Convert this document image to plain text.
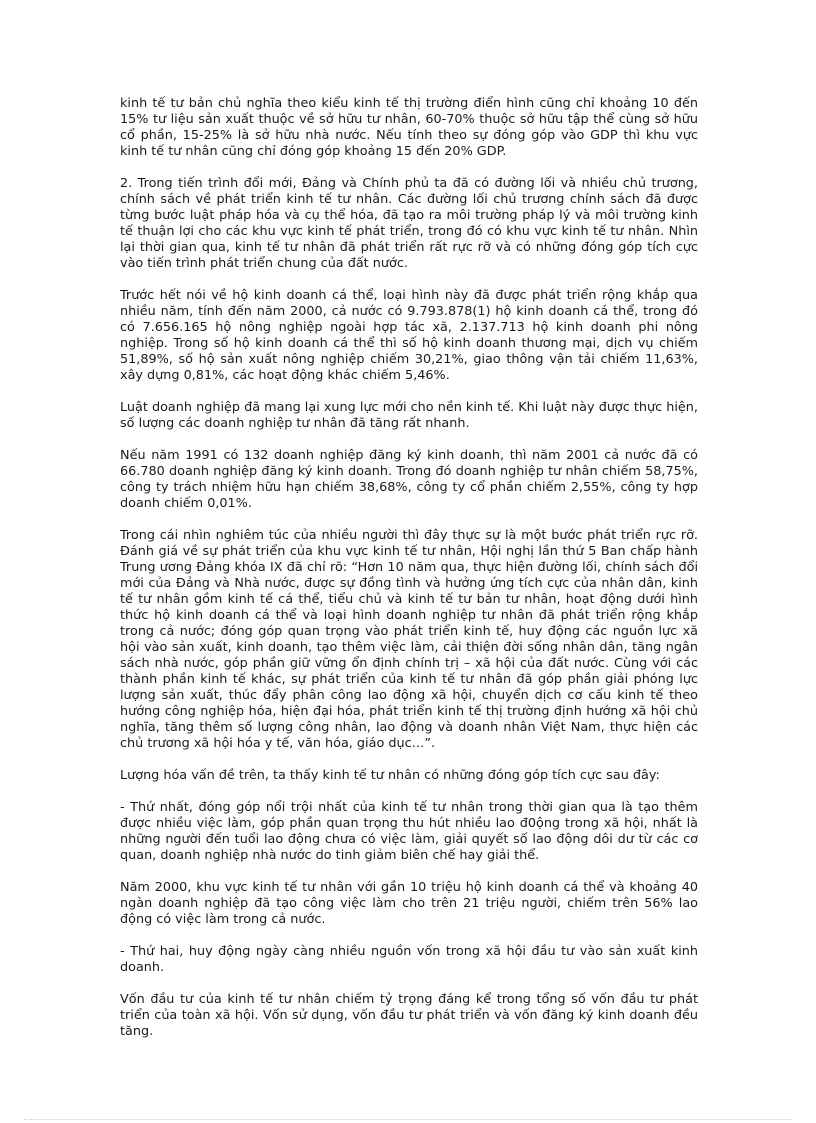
kinh tế tư bản chủ nghĩa theo kiểu kinh tế thị trường điển hình cũng chỉ khoảng 10 đến 15% tư liệu sản xuất thuộc về sở hữu tư nhân, 60-70% thuộc sở hữu tập thể cùng sở hữu cổ phần, 15-25% là sở hữu nhà nước. Nếu tính theo sự đóng góp vào GDP thì khu vực kinh tế tư nhân cũng chỉ đóng góp khoảng 15 đến 20% GDP.

2. Trong tiến trình đổi mới, Đảng và Chính phủ ta đã có đường lối và nhiều chủ trương, chính sách về phát triển kinh tế tư nhân. Các đường lối chủ trương chính sách đã được từng bước luật pháp hóa và cụ thể hóa, đã tạo ra môi trường pháp lý và môi trường kinh tế thuận lợi cho các khu vực kinh tế phát triển, trong đó có khu vực kinh tế tư nhân. Nhìn lại thời gian qua, kinh tế tư nhân đã phát triển rất rực rỡ và có những đóng góp tích cực vào tiến trình phát triển chung của đất nước.

Trước hết nói về hộ kinh doanh cá thể, loại hình này đã được phát triển rộng khắp qua nhiều năm, tính đến năm 2000, cả nước có 9.793.878(1) hộ kinh doanh cá thể, trong đó có 7.656.165 hộ nông nghiệp ngoài hợp tác xã, 2.137.713 hộ kinh doanh phi nông nghiệp. Trong số hộ kinh doanh cá thể thì số hộ kinh doanh thương mại, dịch vụ chiếm 51,89%, số hộ sản xuất nông nghiệp chiếm 30,21%, giao thông vận tải chiếm 11,63%, xây dựng 0,81%, các hoạt động khác chiếm 5,46%.

Luật doanh nghiệp đã mang lại xung lực mới cho nền kinh tế. Khi luật này được thực hiện, số lượng các doanh nghiệp tư nhân đã tăng rất nhanh.

Nếu năm 1991 có 132 doanh nghiệp đăng ký kinh doanh, thì năm 2001 cả nước đã có 66.780 doanh nghiệp đăng ký kinh doanh. Trong đó doanh nghiệp tư nhân chiếm 58,75%, công ty trách nhiệm hữu hạn chiếm 38,68%, công ty cổ phần chiếm 2,55%, công ty hợp doanh chiếm 0,01%.

Trong cái nhìn nghiêm túc của nhiều người thì đây thực sự là một bước phát triển rực rỡ. Đánh giá về sự phát triển của khu vực kinh tế tư nhân, Hội nghị lần thứ 5 Ban chấp hành Trung ương Đảng khóa IX đã chỉ rõ: “Hơn 10 năm qua, thực hiện đường lối, chính sách đổi mới của Đảng và Nhà nước, được sự đồng tình và hưởng ứng tích cực của nhân dân, kinh tế tư nhân gồm kinh tế cá thể, tiểu chủ và kinh tế tư bản tư nhân, hoạt động dưới hình thức hộ kinh doanh cá thể và loại hình doanh nghiệp tư nhân đã phát triển rộng khắp trong cả nước; đóng góp quan trọng vào phát triển kinh tế, huy động các nguồn lực xã hội vào sản xuất, kinh doanh, tạo thêm việc làm, cải thiện đời sống nhân dân, tăng ngân sách nhà nước, góp phần giữ vững ổn định chính trị – xã hội của đất nước. Cùng với các thành phần kinh tế khác, sự phát triển của kinh tế tư nhân đã góp phần giải phóng lực lượng sản xuất, thúc đẩy phân công lao động xã hội, chuyển dịch cơ cấu kinh tế theo hướng công nghiệp hóa, hiện đại hóa, phát triển kinh tế thị trường định hướng xã hội chủ nghĩa, tăng thêm số lượng công nhân, lao động và doanh nhân Việt Nam, thực hiện các chủ trương xã hội hóa y tế, văn hóa, giáo dục…”.

Lượng hóa vấn đề trên, ta thấy kinh tế tư nhân có những đóng góp tích cực sau đây:

- Thứ nhất, đóng góp nổi trội nhất của kinh tế tư nhân trong thời gian qua là tạo thêm được nhiều việc làm, góp phần quan trọng thu hút nhiều lao đ0ộng trong xã hội, nhất là những người đến tuổi lao động chưa có việc làm, giải quyết số lao động dôi dư từ các cơ quan, doanh nghiệp nhà nước do tinh giảm biên chế hay giải thể.

Năm 2000, khu vực kinh tế tư nhân với gần 10 triệu hộ kinh doanh cá thể và khoảng 40 ngàn doanh nghiệp đã tạo công việc làm cho trên 21 triệu người, chiếm trên 56% lao động có việc làm trong cả nước.

- Thứ hai, huy động ngày càng nhiều nguồn vốn trong xã hội đầu tư vào sản xuất kinh doanh.

Vốn đầu tư của kinh tế tư nhân chiếm tỷ trọng đáng kể trong tổng số vốn đầu tư phát triển của toàn xã hội. Vốn sử dụng, vốn đầu tư phát triển và vốn đăng ký kinh doanh đều tăng.
